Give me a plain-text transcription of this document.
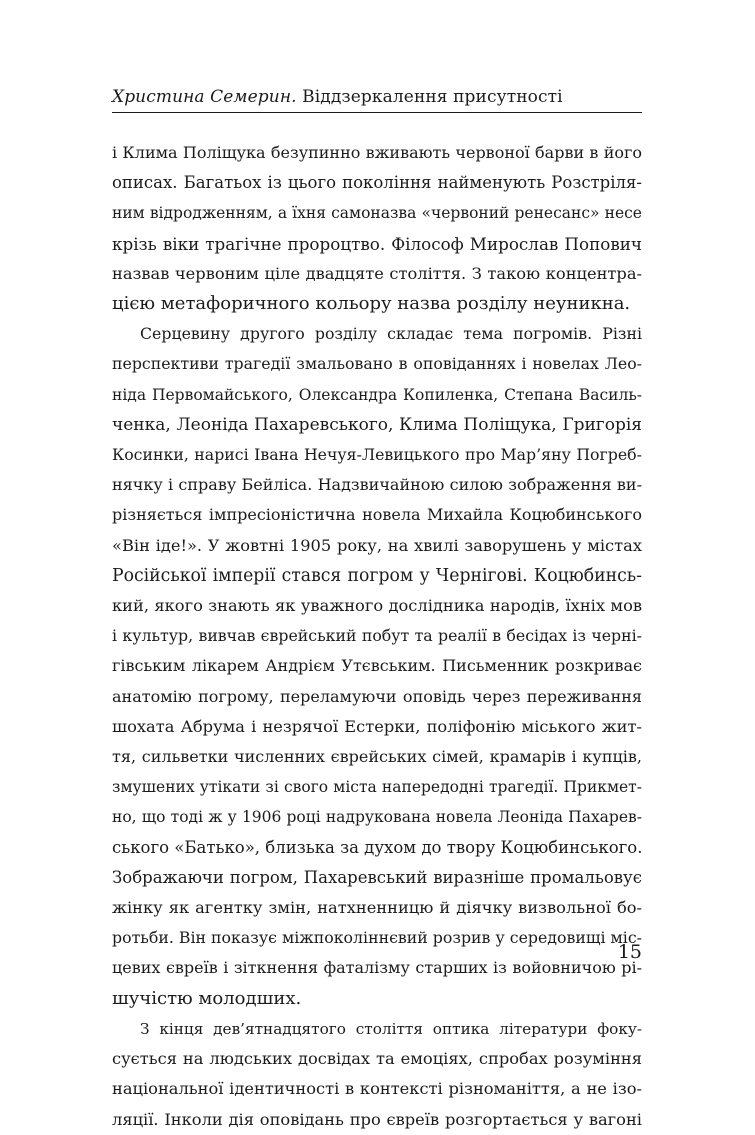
Христина Семерин. Віддзеркалення присутності

і Клима Поліщука безупинно вживають червоної барви в його
описах. Багатьох із цього покоління найменують Розстріля-
ним відродженням, а їхня самоназва «червоний ренесанс» несе
крізь віки трагічне пророцтво. Філософ Мирослав Попович
назвав червоним ціле двадцяте століття. З такою концентра-
цією метафоричного кольору назва розділу неуникна.

Серцевину другого розділу складає тема погромів. Різні
перспективи трагедії змальовано в оповіданнях і новелах Лео-
ніда Первомайського, Олександра Копиленка, Степана Василь-
ченка, Леоніда Пахаревського, Клима Поліщука, Григорія
Косинки, нарисі Івана Нечуя-Левицького про Мар’яну Погреб-
нячку і справу Бейліса. Надзвичайною силою зображення ви-
різняється імпресіоністична новела Михайла Коцюбинського
«Він іде!». У жовтні 1905 року, на хвилі заворушень у містах
Російської імперії стався погром у Чернігові. Коцюбинсь-
кий, якого знають як уважного дослідника народів, їхніх мов
і культур, вивчав єврейський побут та реалії в бесідах із черні-
гівським лікарем Андрієм Утєвським. Письменник розкриває
анатомію погрому, переламуючи оповідь через переживання
шохата Абрума і незрячої Естерки, поліфонію міського жит-
тя, сильветки численних єврейських сімей, крамарів і купців,
змушених утікати зі свого міста напередодні трагедії. Прикмет-
но, що тоді ж у 1906 році надрукована новела Леоніда Пахарев-
ського «Батько», близька за духом до твору Коцюбинського.
Зображаючи погром, Пахаревський виразніше промальовує
жінку як агентку змін, натхненницю й діячку визвольної бо-
ротьби. Він показує міжпоколіннєвий розрив у середовищі міс-
цевих євреїв і зіткнення фаталізму старших із войовничою рі-
шучістю молодших.

З кінця дев’ятнадцятого століття оптика літератури фоку-
сується на людських досвідах та емоціях, спробах розуміння
національної ідентичності в контексті різноманіття, а не ізо-
ляції. Інколи дія оповідань про євреїв розгортається у вагоні

15
